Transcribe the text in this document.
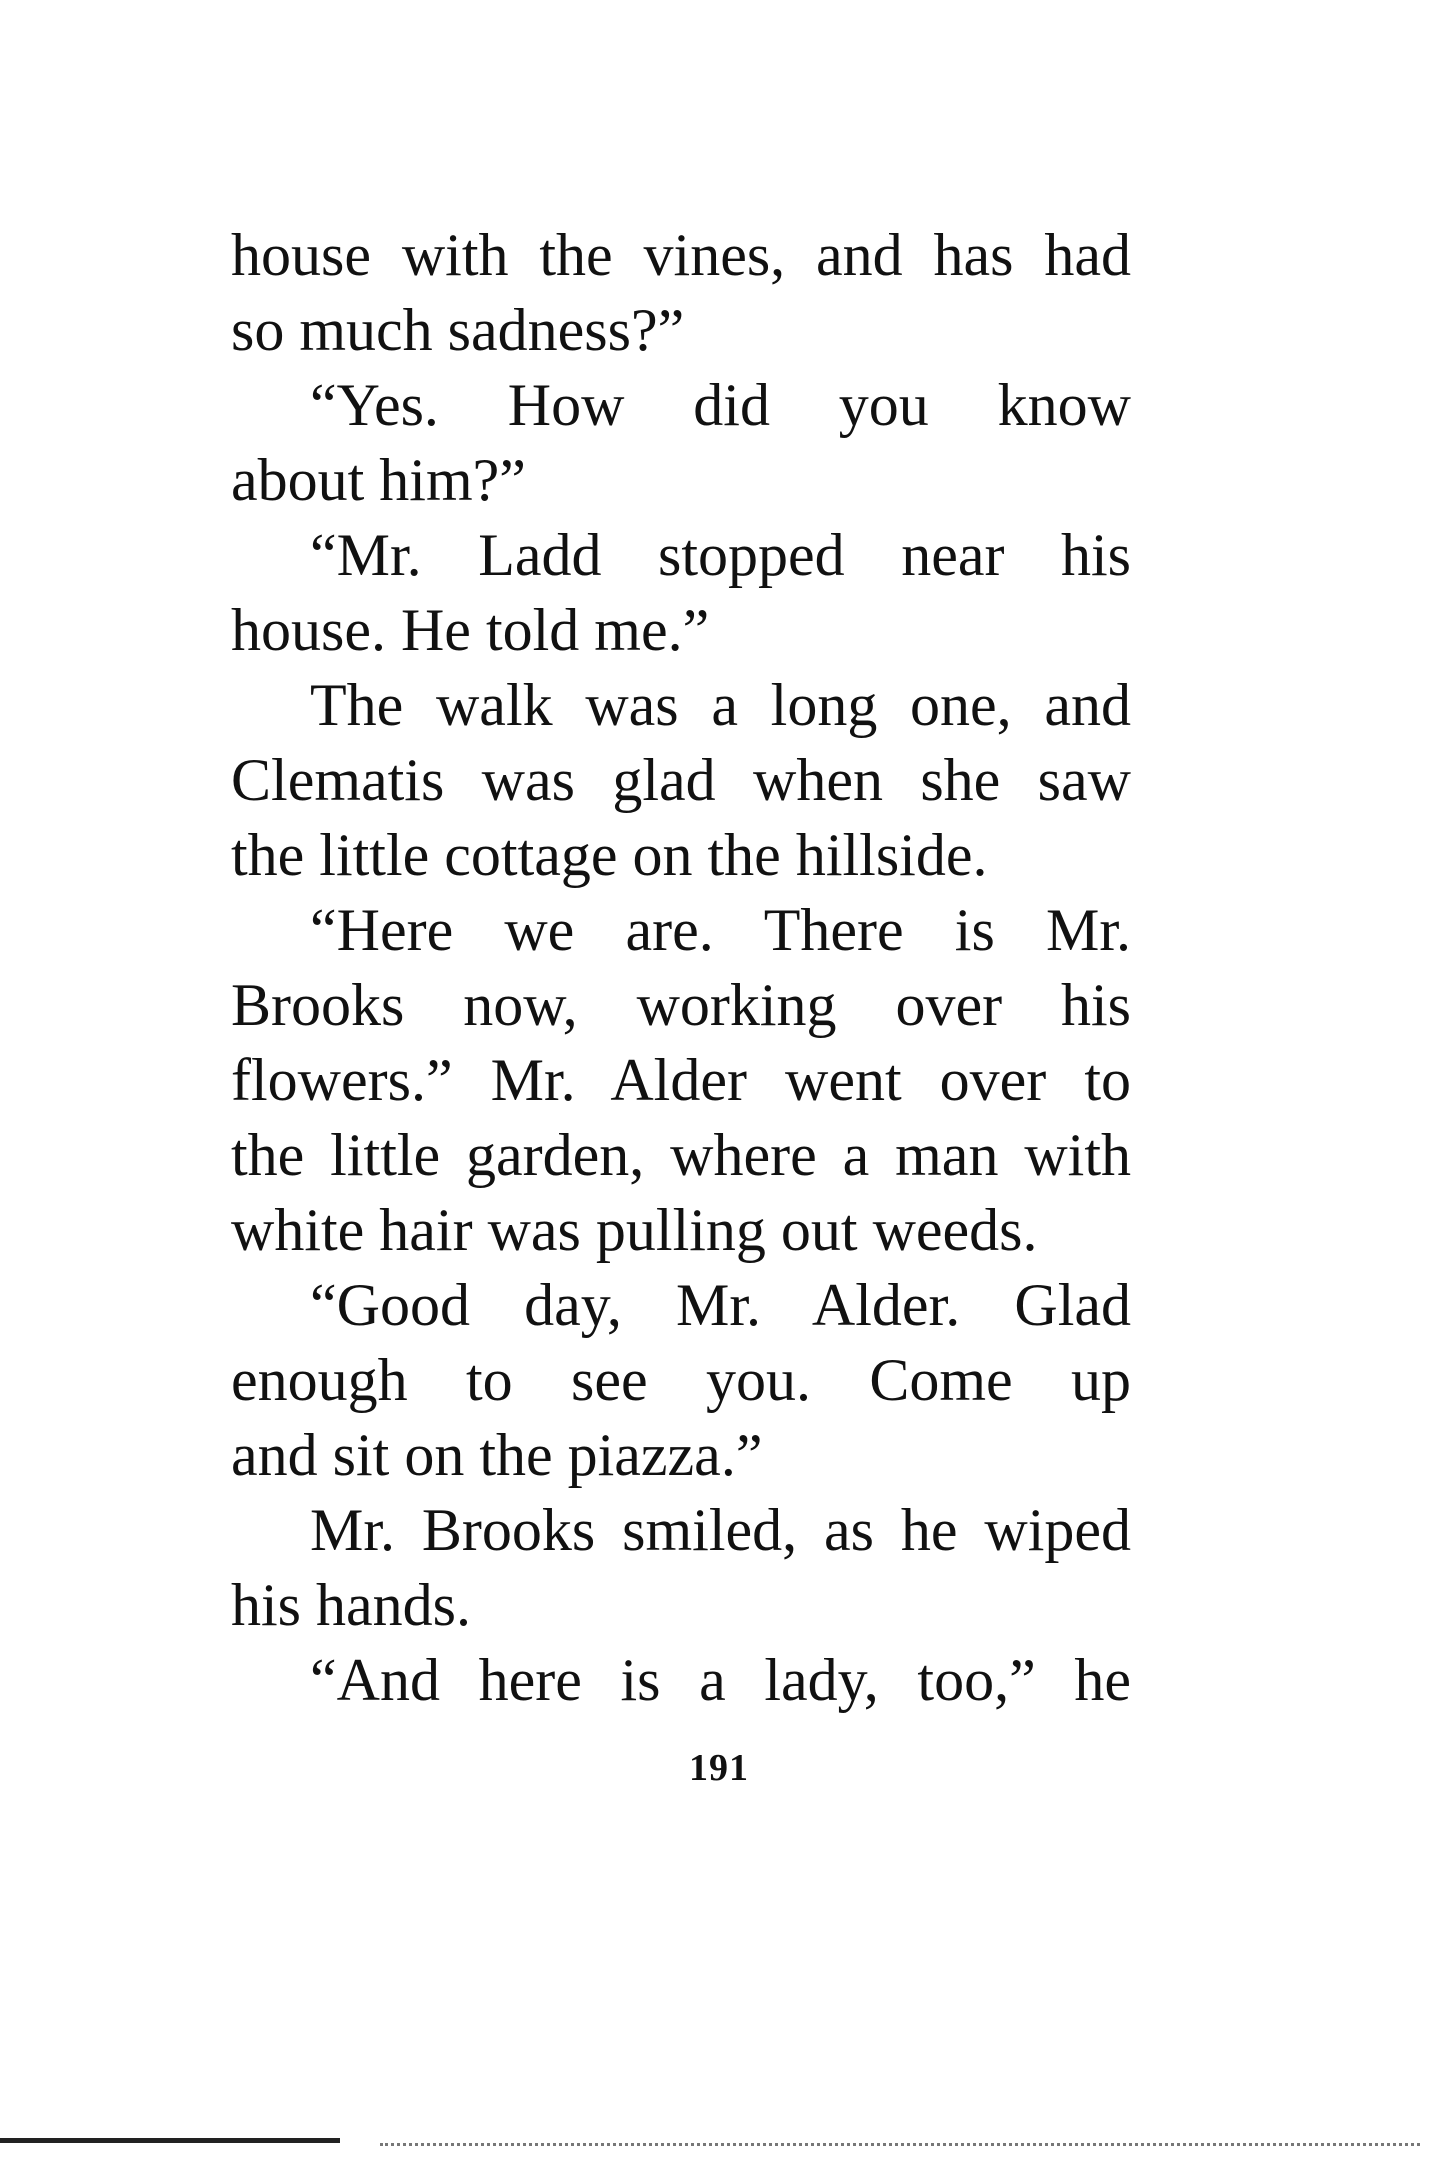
house with the vines, and has had
so much sadness?”
“Yes. How did you know
about him?”
“Mr. Ladd stopped near his
house. He told me.”
The walk was a long one, and
Clematis was glad when she saw
the little cottage on the hillside.
“Here we are. There is Mr.
Brooks now, working over his
flowers.” Mr. Alder went over to
the little garden, where a man with
white hair was pulling out weeds.
“Good day, Mr. Alder. Glad
enough to see you. Come up
and sit on the piazza.”
Mr. Brooks smiled, as he wiped
his hands.
“And here is a lady, too,” he
191
